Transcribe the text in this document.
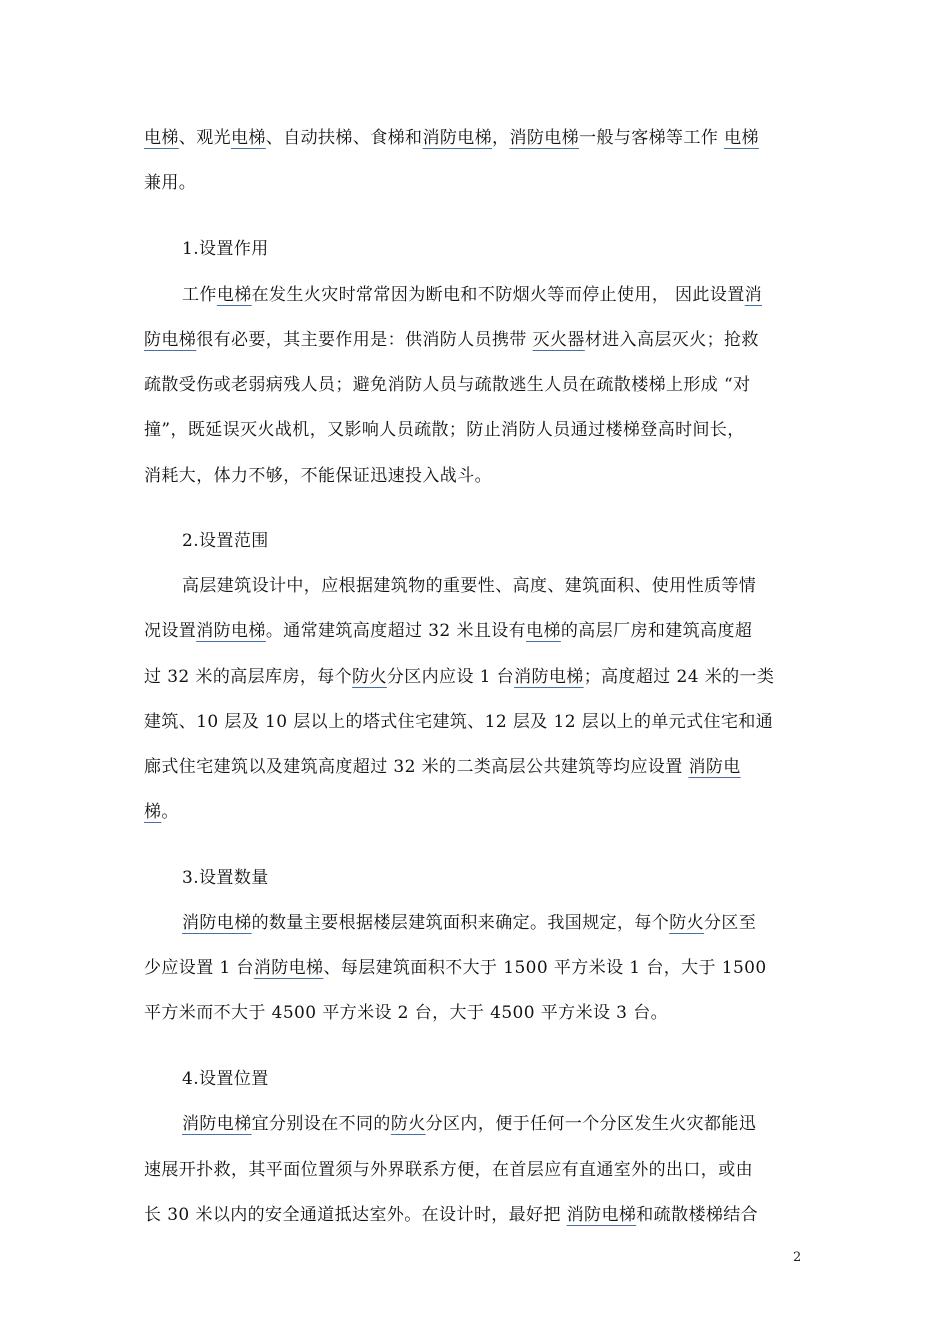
电梯、观光电梯、自动扶梯、食梯和消防电梯，消防电梯一般与客梯等工作 电梯
兼用。
1.设置作用
工作电梯在发生火灾时常常因为断电和不防烟火等而停止使用， 因此设置消
防电梯很有必要，其主要作用是：供消防人员携带 灭火器材进入高层灭火；抢救
疏散受伤或老弱病残人员；避免消防人员与疏散逃生人员在疏散楼梯上形成 “对
撞”，既延误灭火战机，又影响人员疏散；防止消防人员通过楼梯登高时间长，
消耗大，体力不够，不能保证迅速投入战斗。
2.设置范围
高层建筑设计中，应根据建筑物的重要性、高度、建筑面积、使用性质等情
况设置消防电梯。通常建筑高度超过 32 米且设有电梯的高层厂房和建筑高度超
过 32 米的高层库房，每个防火分区内应设 1 台消防电梯；高度超过 24 米的一类
建筑、10 层及 10 层以上的塔式住宅建筑、12 层及 12 层以上的单元式住宅和通
廊式住宅建筑以及建筑高度超过 32 米的二类高层公共建筑等均应设置 消防电
梯。
3.设置数量
消防电梯的数量主要根据楼层建筑面积来确定。我国规定，每个防火分区至
少应设置 1 台消防电梯、每层建筑面积不大于 1500 平方米设 1 台，大于 1500
平方米而不大于 4500 平方米设 2 台，大于 4500 平方米设 3 台。
4.设置位置
消防电梯宜分别设在不同的防火分区内，便于任何一个分区发生火灾都能迅
速展开扑救，其平面位置须与外界联系方便，在首层应有直通室外的出口，或由
长 30 米以内的安全通道抵达室外。在设计时，最好把 消防电梯和疏散楼梯结合
2
